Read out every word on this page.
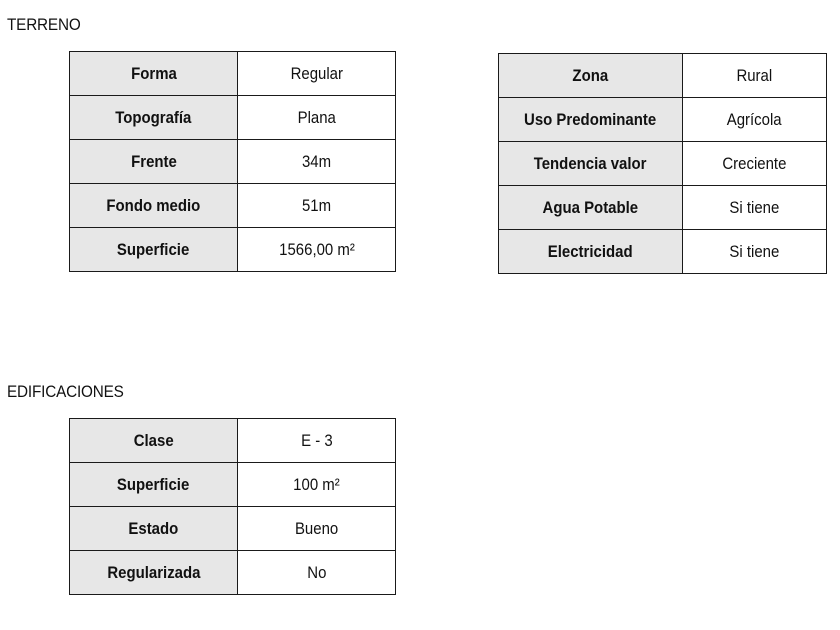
TERRENO
Forma	Regular
Topografía	Plana
Frente	34m
Fondo medio	51m
Superficie	1566,00 m²
Zona	Rural
Uso Predominante	Agrícola
Tendencia valor	Creciente
Agua Potable	Si tiene
Electricidad	Si tiene
EDIFICACIONES
Clase	E - 3
Superficie	100 m²
Estado	Bueno
Regularizada	No
